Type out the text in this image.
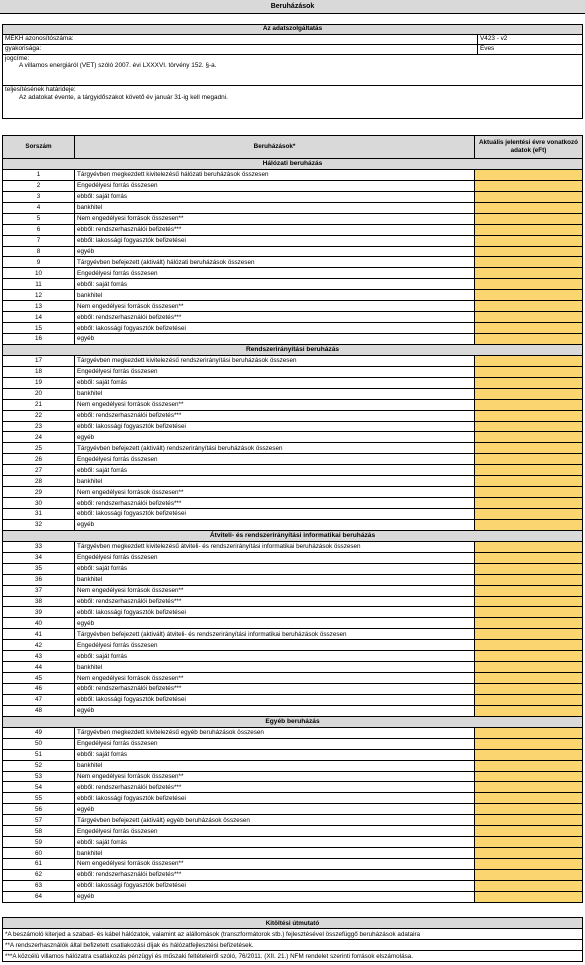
Beruházások
Az adatszolgáltatás	
MEKH azonosítószáma:	V423 - v2
gyakorisága:	Éves

jogcíme:
A villamos energiáról (VET) szóló 2007. évi LXXXVI. törvény 152. §-a.	

teljesítésének határideje:
Az adatokat évente, a tárgyidőszakot követő év január 31-ig kell megadni.	
Sorszám	Beruházások*	Aktuális jelentési évre vonatkozó adatok (eFt)
Hálózati beruházás		
1	Tárgyévben megkezdett kivitelezésű hálózati beruházások összesen	
2	Engedélyesi forrás összesen	
3	ebből: saját forrás	
4	bankhitel	
5	Nem engedélyesi források összesen**	
6	ebből: rendszerhasználói befizetés***	
7	ebből: lakossági fogyasztók befizetései	
8	egyéb	
9	Tárgyévben befejezett (aktivált) hálózati beruházások összesen	
10	Engedélyesi forrás összesen	
11	ebből: saját forrás	
12	bankhitel	
13	Nem engedélyesi források összesen**	
14	ebből: rendszerhasználói befizetés***	
15	ebből: lakossági fogyasztók befizetései	
16	egyéb	
Rendszerirányítási beruházás		
17	Tárgyévben megkezdett kivitelezésű rendszerirányítási beruházások összesen	
18	Engedélyesi forrás összesen	
19	ebből: saját forrás	
20	bankhitel	
21	Nem engedélyesi források összesen**	
22	ebből: rendszerhasználói befizetés***	
23	ebből: lakossági fogyasztók befizetései	
24	egyéb	
25	Tárgyévben befejezett (aktivált) rendszerirányítási beruházások összesen	
26	Engedélyesi forrás összesen	
27	ebből: saját forrás	
28	bankhitel	
29	Nem engedélyesi források összesen**	
30	ebből: rendszerhasználói befizetés***	
31	ebből: lakossági fogyasztók befizetései	
32	egyéb	
Átviteli- és rendszerirányítási informatikai beruházás		
33	Tárgyévben megkezdett kivitelezésű átviteli- és rendszerirányítási informatikai beruházások összesen	
34	Engedélyesi forrás összesen	
35	ebből: saját forrás	
36	bankhitel	
37	Nem engedélyesi források összesen**	
38	ebből: rendszerhasználói befizetés***	
39	ebből: lakossági fogyasztók befizetései	
40	egyéb	
41	Tárgyévben befejezett (aktivált) átviteli- és rendszerirányítási informatikai beruházások összesen	
42	Engedélyesi forrás összesen	
43	ebből: saját forrás	
44	bankhitel	
45	Nem engedélyesi források összesen**	
46	ebből: rendszerhasználói befizetés***	
47	ebből: lakossági fogyasztók befizetései	
48	egyéb	
Egyéb beruházás		
49	Tárgyévben megkezdett kivitelezésű egyéb beruházások összesen	
50	Engedélyesi forrás összesen	
51	ebből: saját forrás	
52	bankhitel	
53	Nem engedélyesi források összesen**	
54	ebből: rendszerhasználói befizetés***	
55	ebből: lakossági fogyasztók befizetései	
56	egyéb	
57	Tárgyévben befejezett (aktivált) egyéb beruházások összesen	
58	Engedélyesi forrás összesen	
59	ebből: saját forrás	
60	bankhitel	
61	Nem engedélyesi források összesen**	
62	ebből: rendszerhasználói befizetés***	
63	ebből: lakossági fogyasztók befizetései	
64	egyéb	
Kitöltési útmutató
*A beszámoló kiterjed a szabad- és kábel hálózatok, valamint az alállomások (transzformátorok stb.) fejlesztésével összefüggő beruházások adataira
**A rendszerhasználók által befizetett csatlakozási díjak és hálózatfejlesztési befizetések.
***A közcélú villamos hálózatra csatlakozás pénzügyi és műszaki feltételeiről szóló, 76/2011. (XII. 21.) NFM rendelet szerinti források elszámolása.
